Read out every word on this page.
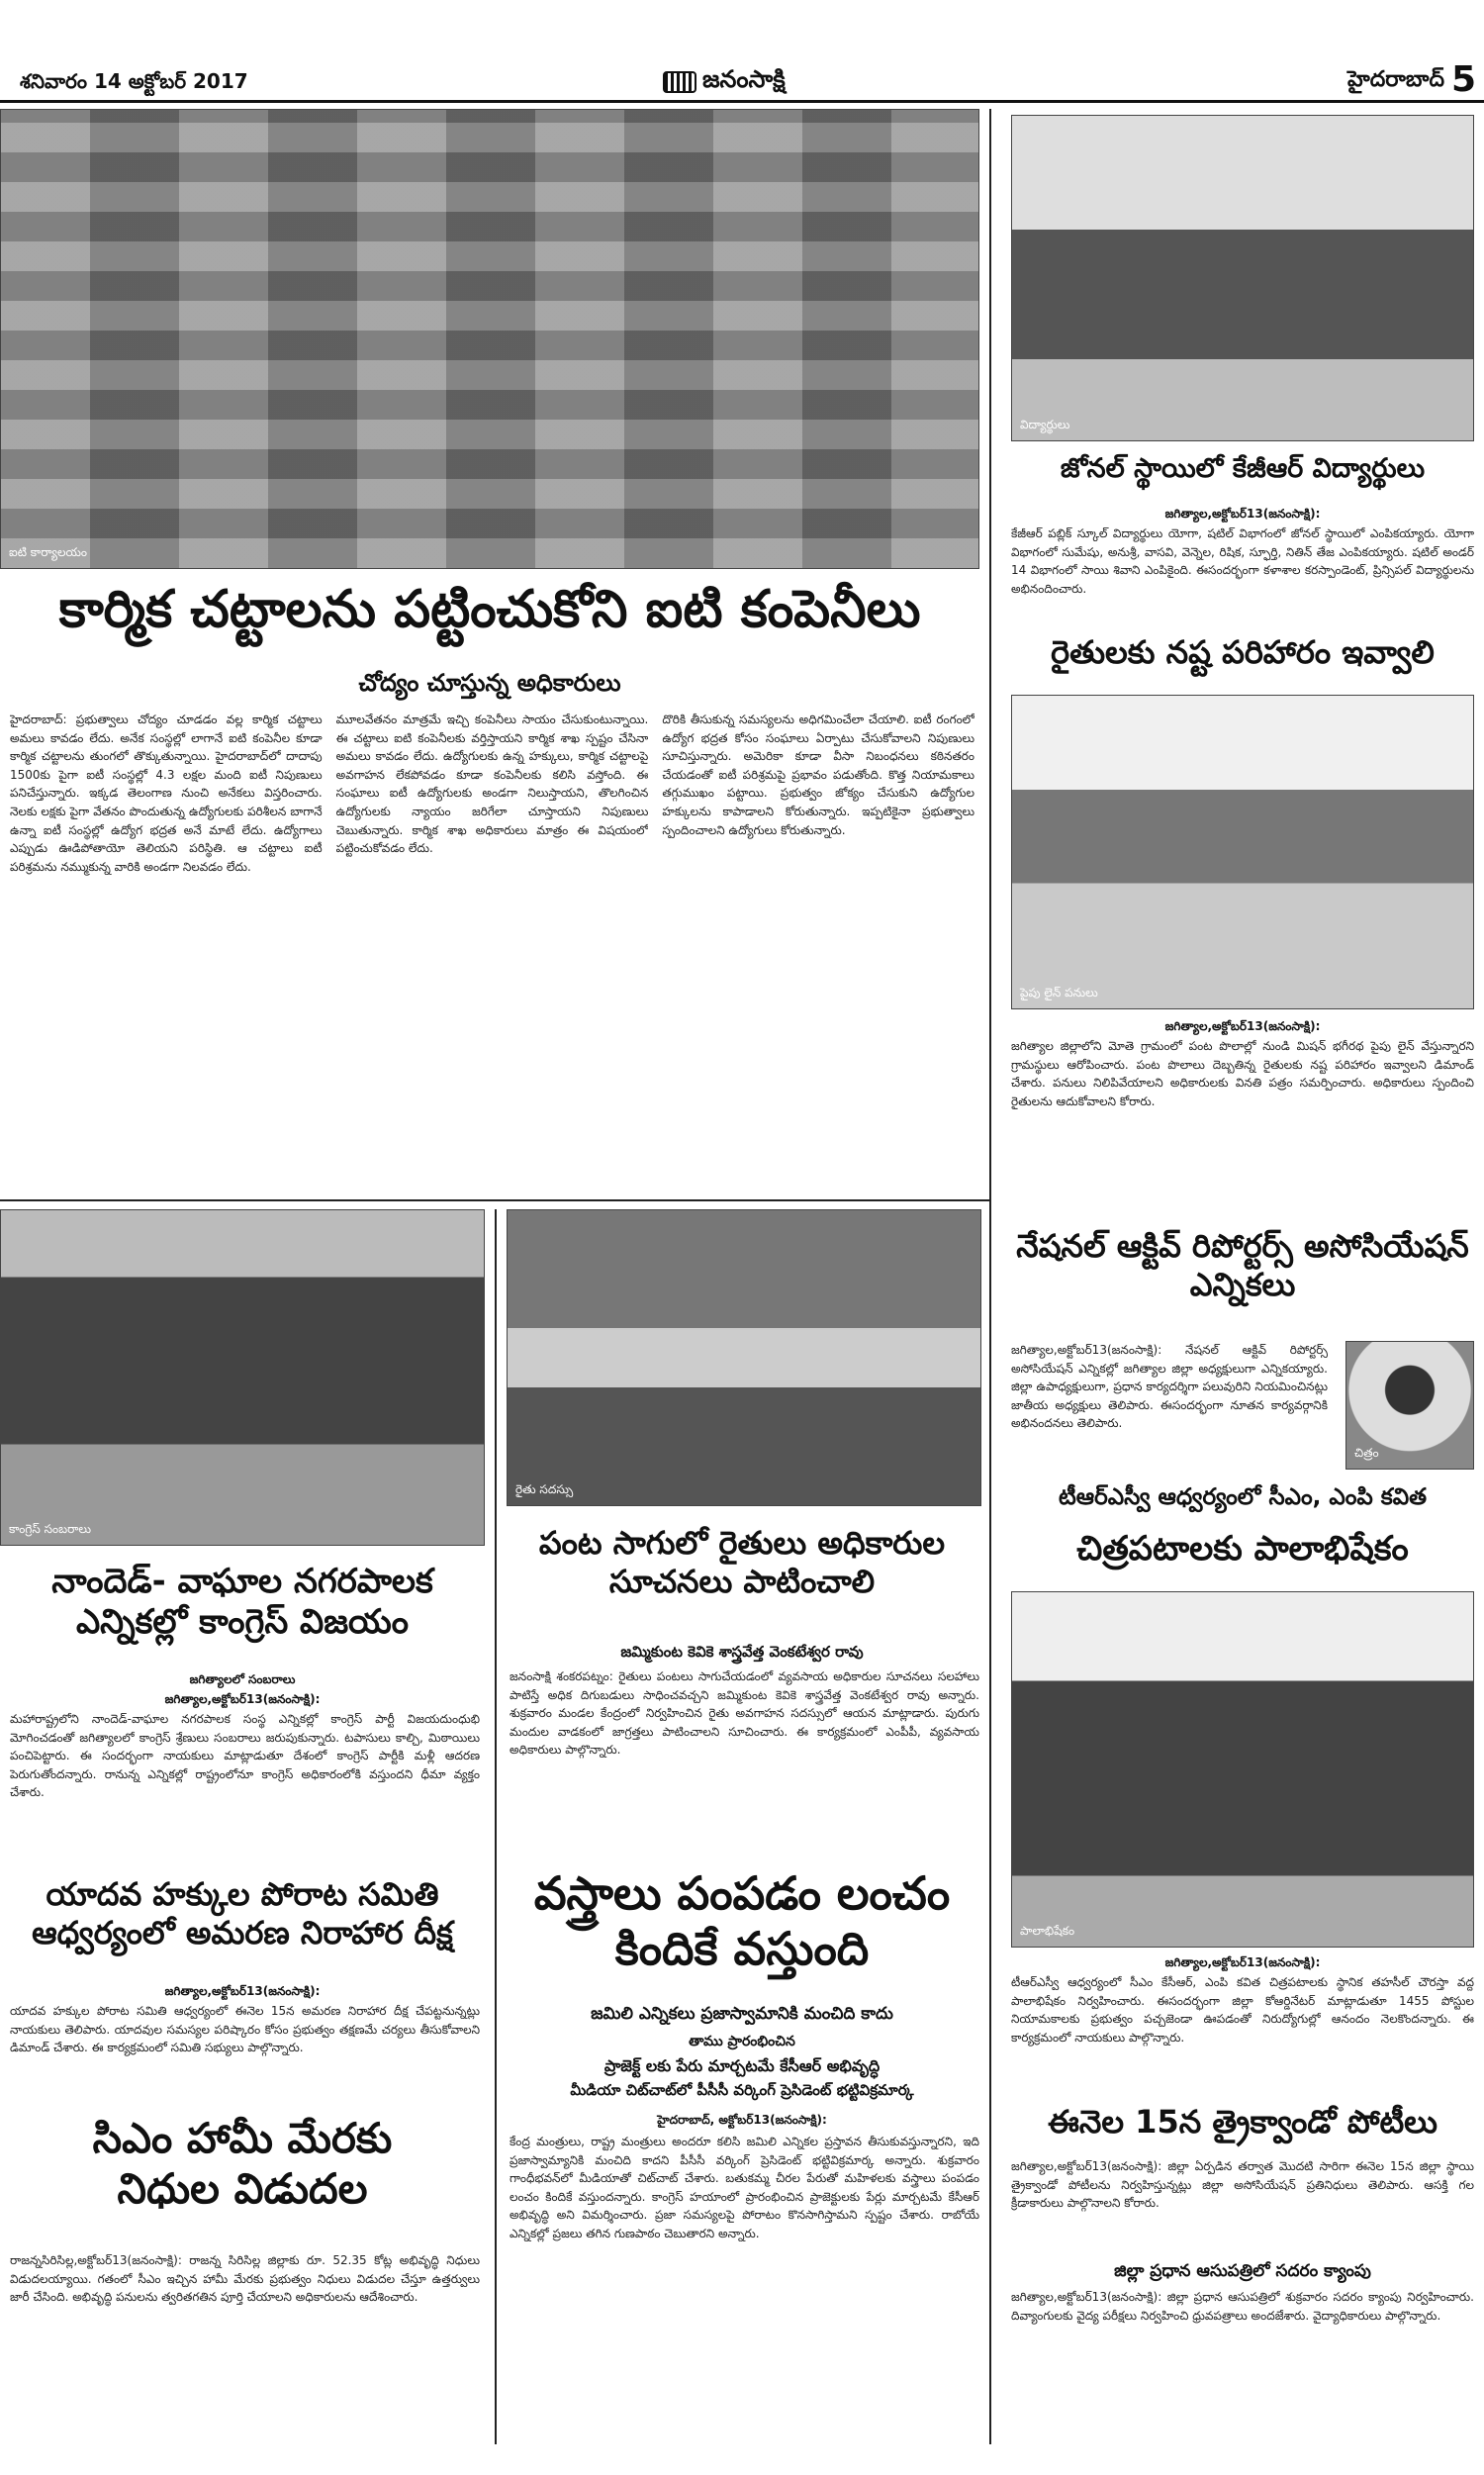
శనివారం 14 అక్టోబర్ 2017	జనంసాక్షి	హైదరాబాద్ 5
ఐటి కార్యాలయం
కార్మిక చట్టాలను పట్టించుకోని ఐటి కంపెనీలు
చోద్యం చూస్తున్న అధికారులు
హైదరాబాద్: ప్రభుత్వాలు చోద్యం చూడడం వల్ల కార్మిక చట్టాలు అమలు కావడం లేదు. అనేక సంస్థల్లో లాగానే ఐటి కంపెనీల కూడా కార్మిక చట్టాలను తుంగలో తొక్కుతున్నాయి. హైదరాబాద్‌లో దాదాపు 1500కు పైగా ఐటీ సంస్థల్లో 4.3 లక్షల మంది ఐటీ నిపుణులు పనిచేస్తున్నారు. ఇక్కడ తెలంగాణ నుంచి అనేకలు విస్తరించారు. నెలకు లక్షకు పైగా వేతనం పొందుతున్న ఉద్యోగులకు పరిశీలన బాగానే ఉన్నా ఐటీ సంస్థల్లో ఉద్యోగ భద్రత అనే మాటే లేదు. ఉద్యోగాలు ఎప్పుడు ఊడిపోతాయో తెలియని పరిస్థితి. ఆ చట్టాలు ఐటీ పరిశ్రమను నమ్ముకున్న వారికి అండగా నిలవడం లేదు.
మూలవేతనం మాత్రమే ఇచ్చి కంపెనీలు సాయం చేసుకుంటున్నాయి. ఈ చట్టాలు ఐటి కంపెనీలకు వర్తిస్తాయని కార్మిక శాఖ స్పష్టం చేసినా అమలు కావడం లేదు. ఉద్యోగులకు ఉన్న హక్కులు, కార్మిక చట్టాలపై అవగాహన లేకపోవడం కూడా కంపెనీలకు కలిసి వస్తోంది. ఈ సంఘాలు ఐటీ ఉద్యోగులకు అండగా నిలుస్తాయని, తొలగించిన ఉద్యోగులకు న్యాయం జరిగేలా చూస్తాయని నిపుణులు చెబుతున్నారు. కార్మిక శాఖ అధికారులు మాత్రం ఈ విషయంలో పట్టించుకోవడం లేదు.
దొరికి తీసుకున్న సమస్యలను అధిగమించేలా చేయాలి. ఐటీ రంగంలో ఉద్యోగ భద్రత కోసం సంఘాలు ఏర్పాటు చేసుకోవాలని నిపుణులు సూచిస్తున్నారు. అమెరికా కూడా వీసా నిబంధనలు కఠినతరం చేయడంతో ఐటీ పరిశ్రమపై ప్రభావం పడుతోంది. కొత్త నియామకాలు తగ్గుముఖం పట్టాయి. ప్రభుత్వం జోక్యం చేసుకుని ఉద్యోగుల హక్కులను కాపాడాలని కోరుతున్నారు. ఇప్పటికైనా ప్రభుత్వాలు స్పందించాలని ఉద్యోగులు కోరుతున్నారు.
విద్యార్థులు
జోనల్ స్థాయిలో కేజీఆర్ విద్యార్థులు
జగిత్యాల,అక్టోబర్13(జనంసాక్షి):
కేజీఆర్ పబ్లిక్ స్కూల్ విద్యార్థులు యోగా, షటిల్ విభాగంలో జోనల్ స్థాయిలో ఎంపికయ్యారు. యోగా విభాగంలో సుమేషు, అనుశ్రీ, వాసవి, వెన్నెల, రిషిక, స్ఫూర్తి, నితిన్ తేజ ఎంపికయ్యారు. షటిల్ అండర్ 14 విభాగంలో సాయి శివాని ఎంపికైంది. ఈసందర్భంగా కళాశాల కరస్పాండెంట్, ప్రిన్సిపల్ విద్యార్థులను అభినందించారు.
రైతులకు నష్ట పరిహారం ఇవ్వాలి
పైపు లైన్ పనులు
జగిత్యాల,అక్టోబర్13(జనంసాక్షి):
జగిత్యాల జిల్లాలోని మోతె గ్రామంలో పంట పొలాల్లో నుండి మిషన్ భగీరథ పైపు లైన్ వేస్తున్నారని గ్రామస్థులు ఆరోపించారు. పంట పొలాలు దెబ్బతిన్న రైతులకు నష్ట పరిహారం ఇవ్వాలని డిమాండ్ చేశారు. పనులు నిలిపివేయాలని అధికారులకు వినతి పత్రం సమర్పించారు. అధికారులు స్పందించి రైతులను ఆదుకోవాలని కోరారు.
నేషనల్ ఆక్టివ్ రిపోర్టర్స్ అసోసియేషన్ ఎన్నికలు
జగిత్యాల,అక్టోబర్13(జనంసాక్షి): నేషనల్ ఆక్టివ్ రిపోర్టర్స్ అసోసియేషన్ ఎన్నికల్లో జగిత్యాల జిల్లా అధ్యక్షులుగా ఎన్నికయ్యారు. జిల్లా ఉపాధ్యక్షులుగా, ప్రధాన కార్యదర్శిగా పలువురిని నియమించినట్లు జాతీయ అధ్యక్షులు తెలిపారు. ఈసందర్భంగా నూతన కార్యవర్గానికి అభినందనలు తెలిపారు.
చిత్రం
టీఆర్ఎస్వీ ఆధ్వర్యంలో సీఎం, ఎంపి కవిత
చిత్రపటాలకు పాలాభిషేకం
పాలాభిషేకం
జగిత్యాల,అక్టోబర్13(జనంసాక్షి):
టీఆర్ఎస్వీ ఆధ్వర్యంలో సీఎం కేసీఆర్, ఎంపి కవిత చిత్రపటాలకు స్థానిక తహసీల్ చౌరస్తా వద్ద పాలాభిషేకం నిర్వహించారు. ఈసందర్భంగా జిల్లా కోఆర్డినేటర్ మాట్లాడుతూ 1455 పోస్టుల నియామకాలకు ప్రభుత్వం పచ్చజెండా ఊపడంతో నిరుద్యోగుల్లో ఆనందం నెలకొందన్నారు. ఈ కార్యక్రమంలో నాయకులు పాల్గొన్నారు.
ఈనెల 15న త్రైక్వాండో పోటీలు
జగిత్యాల,అక్టోబర్13(జనంసాక్షి): జిల్లా ఏర్పడిన తర్వాత మొదటి సారిగా ఈనెల 15న జిల్లా స్థాయి త్రైక్వాండో పోటీలను నిర్వహిస్తున్నట్లు జిల్లా అసోసియేషన్ ప్రతినిధులు తెలిపారు. ఆసక్తి గల క్రీడాకారులు పాల్గొనాలని కోరారు.
జిల్లా ప్రధాన ఆసుపత్రిలో సదరం క్యాంపు
జగిత్యాల,అక్టోబర్13(జనంసాక్షి): జిల్లా ప్రధాన ఆసుపత్రిలో శుక్రవారం సదరం క్యాంపు నిర్వహించారు. దివ్యాంగులకు వైద్య పరీక్షలు నిర్వహించి ధ్రువపత్రాలు అందజేశారు. వైద్యాధికారులు పాల్గొన్నారు.
కాంగ్రెస్ సంబరాలు
నాందెడ్- వాఘాల నగరపాలక ఎన్నికల్లో కాంగ్రెస్ విజయం
జగిత్యాలలో సంబరాలు
జగిత్యాల,అక్టోబర్13(జనంసాక్షి):
మహారాష్ట్రలోని నాందెడ్-వాఘాల నగరపాలక సంస్థ ఎన్నికల్లో కాంగ్రెస్ పార్టీ విజయదుంధుభి మోగించడంతో జగిత్యాలలో కాంగ్రెస్ శ్రేణులు సంబరాలు జరుపుకున్నారు. టపాసులు కాల్చి, మిఠాయిలు పంచిపెట్టారు. ఈ సందర్భంగా నాయకులు మాట్లాడుతూ దేశంలో కాంగ్రెస్ పార్టీకి మళ్లీ ఆదరణ పెరుగుతోందన్నారు. రానున్న ఎన్నికల్లో రాష్ట్రంలోనూ కాంగ్రెస్ అధికారంలోకి వస్తుందని ధీమా వ్యక్తం చేశారు.
యాదవ హక్కుల పోరాట సమితి ఆధ్వర్యంలో అమరణ నిరాహార దీక్ష
జగిత్యాల,అక్టోబర్13(జనంసాక్షి):
యాదవ హక్కుల పోరాట సమితి ఆధ్వర్యంలో ఈనెల 15న అమరణ నిరాహార దీక్ష చేపట్టనున్నట్లు నాయకులు తెలిపారు. యాదవుల సమస్యల పరిష్కారం కోసం ప్రభుత్వం తక్షణమే చర్యలు తీసుకోవాలని డిమాండ్ చేశారు. ఈ కార్యక్రమంలో సమితి సభ్యులు పాల్గొన్నారు.
సిఎం హామీ మేరకు నిధుల విడుదల
రాజన్నసిరిసిల్ల,అక్టోబర్13(జనంసాక్షి): రాజన్న సిరిసిల్ల జిల్లాకు రూ. 52.35 కోట్ల అభివృద్ధి నిధులు విడుదలయ్యాయి. గతంలో సీఎం ఇచ్చిన హామీ మేరకు ప్రభుత్వం నిధులు విడుదల చేస్తూ ఉత్తర్వులు జారీ చేసింది. అభివృద్ధి పనులను త్వరితగతిన పూర్తి చేయాలని అధికారులను ఆదేశించారు.
రైతు సదస్సు
పంట సాగులో రైతులు అధికారుల సూచనలు పాటించాలి
జమ్మికుంట కెవికె శాస్త్రవేత్త వెంకటేశ్వర రావు
జనంసాక్షి శంకరపట్నం: రైతులు పంటలు సాగుచేయడంలో వ్యవసాయ అధికారుల సూచనలు సలహాలు పాటిస్తే అధిక దిగుబడులు సాధించవచ్చని జమ్మికుంట కెవికె శాస్త్రవేత్త వెంకటేశ్వర రావు అన్నారు. శుక్రవారం మండల కేంద్రంలో నిర్వహించిన రైతు అవగాహన సదస్సులో ఆయన మాట్లాడారు. పురుగు మందుల వాడకంలో జాగ్రత్తలు పాటించాలని సూచించారు. ఈ కార్యక్రమంలో ఎంపీపీ, వ్యవసాయ అధికారులు పాల్గొన్నారు.
వస్త్రాలు పంపడం లంచం కిందికే వస్తుంది
జమిలి ఎన్నికలు ప్రజాస్వామానికి మంచిది కాదు
తాము ప్రారంభించిన
ప్రాజెక్ట్ లకు పేరు మార్చటమే కేసీఆర్ అభివృద్ధి
మీడియా చిట్‌చాట్‌లో పీసీసీ వర్కింగ్ ప్రెసిడెంట్ భట్టివిక్రమార్క
హైదరాబాద్, అక్టోబర్13(జనంసాక్షి):
కేంద్ర మంత్రులు, రాష్ట్ర మంత్రులు అందరూ కలిసి జమిలి ఎన్నికల ప్రస్తావన తీసుకువస్తున్నారని, ఇది ప్రజాస్వామ్యానికి మంచిది కాదని పీసీసీ వర్కింగ్ ప్రెసిడెంట్ భట్టివిక్రమార్క అన్నారు. శుక్రవారం గాంధీభవన్‌లో మీడియాతో చిట్‌చాట్ చేశారు. బతుకమ్మ చీరల పేరుతో మహిళలకు వస్త్రాలు పంపడం లంచం కిందికే వస్తుందన్నారు. కాంగ్రెస్ హయాంలో ప్రారంభించిన ప్రాజెక్టులకు పేర్లు మార్చటమే కేసీఆర్ అభివృద్ధి అని విమర్శించారు. ప్రజా సమస్యలపై పోరాటం కొనసాగిస్తామని స్పష్టం చేశారు. రాబోయే ఎన్నికల్లో ప్రజలు తగిన గుణపాఠం చెబుతారని అన్నారు.
